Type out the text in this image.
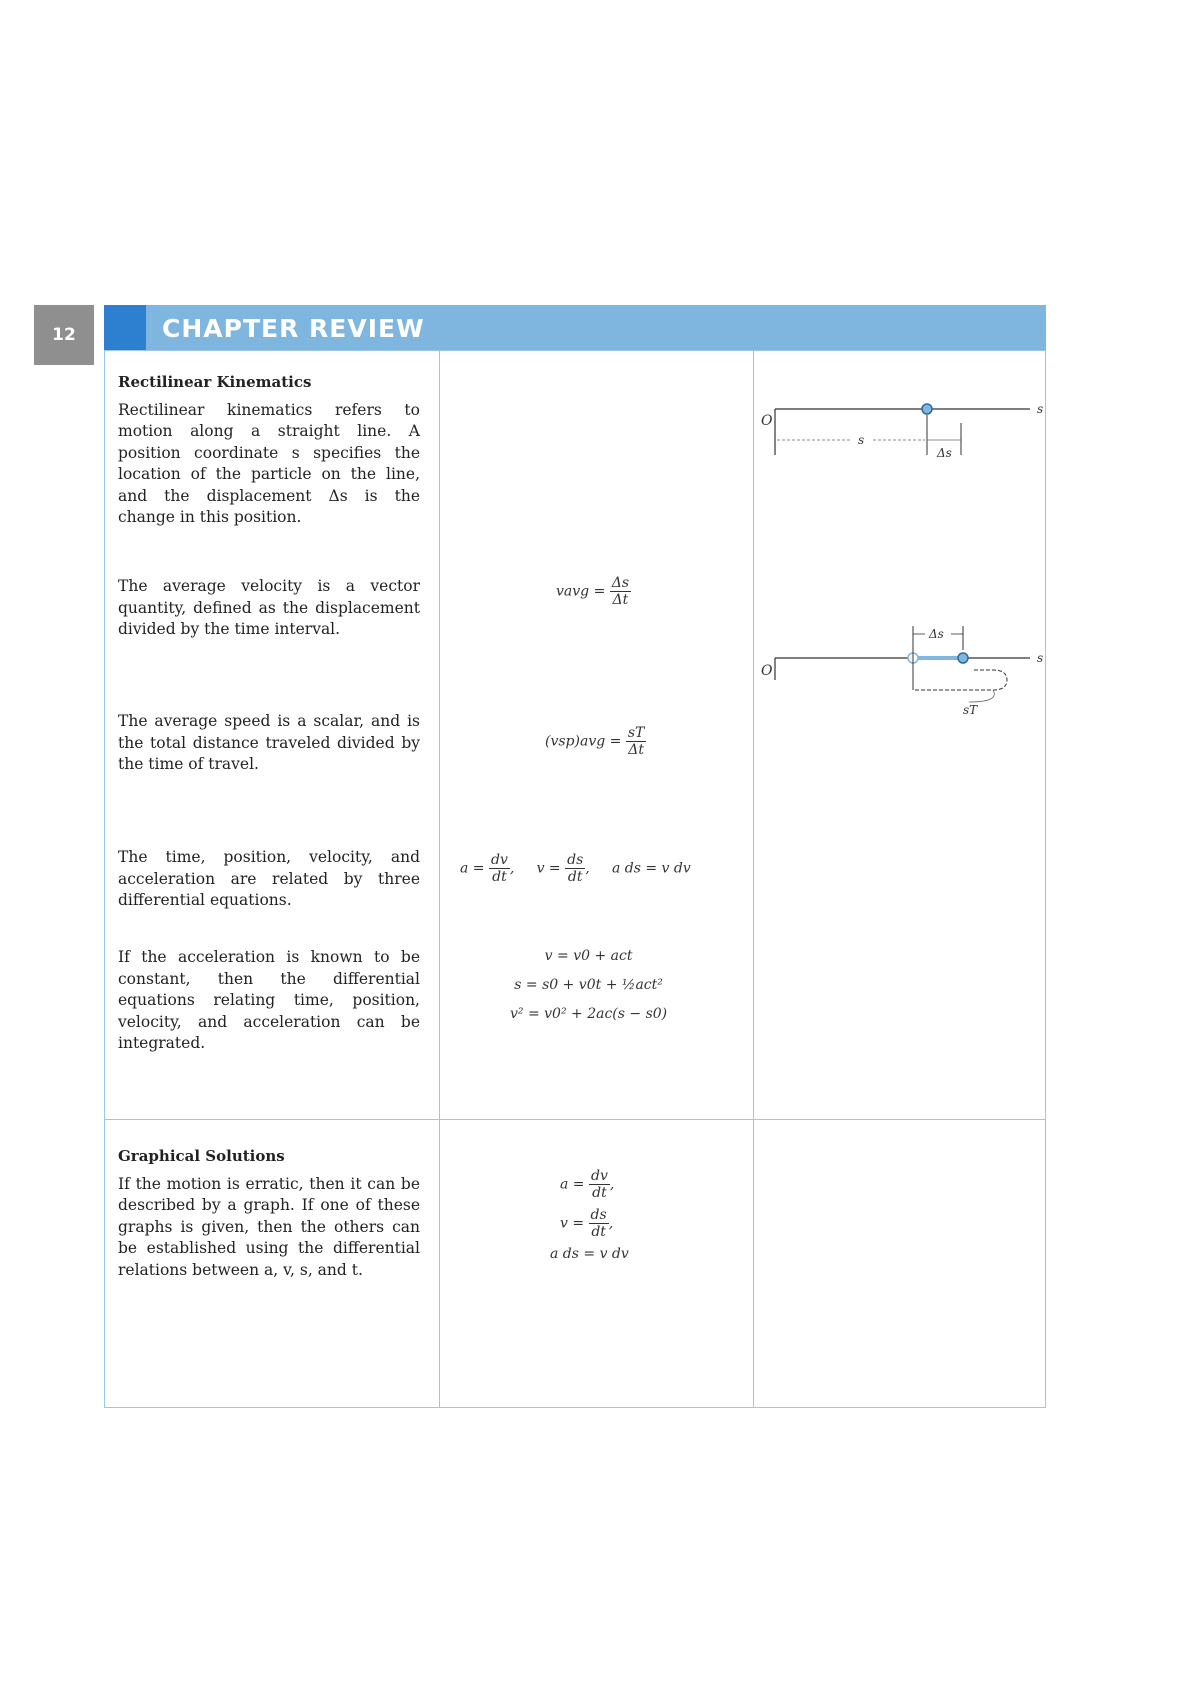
12	CHAPTER REVIEW
Rectilinear Kinematics

Rectilinear kinematics refers to motion along a straight line. A position coordinate s specifies the location of the particle on the line, and the displacement Δs is the change in this position.

The average velocity is a vector quantity, defined as the displacement divided by the time interval.

The average speed is a scalar, and is the total distance traveled divided by the time of travel.

The time, position, velocity, and acceleration are related by three differential equations.

If the acceleration is known to be constant, then the differential equations relating time, position, velocity, and acceleration can be integrated.

Graphical Solutions

If the motion is erratic, then it can be described by a graph. If one of these graphs is given, then the others can be established using the differential relations between a, v, s, and t.

vavg = $\frac{\Delta s}{\Delta t}$
$(vsp)avg = \frac{sT}{\Delta t}$
$a = \frac{dv}{dt}$ ,     $v = \frac{ds}{dt}$ ,     a ds = v dv
v = v0 + act
s = s0 + v0t + ½act²
v² = v0² + 2ac(s − s0)
$a = \frac{dv}{dt}$ ,
$v = \frac{ds}{dt}$ ,
a ds = v dv
O
s
s
Δs
O
s
Δs
sT
